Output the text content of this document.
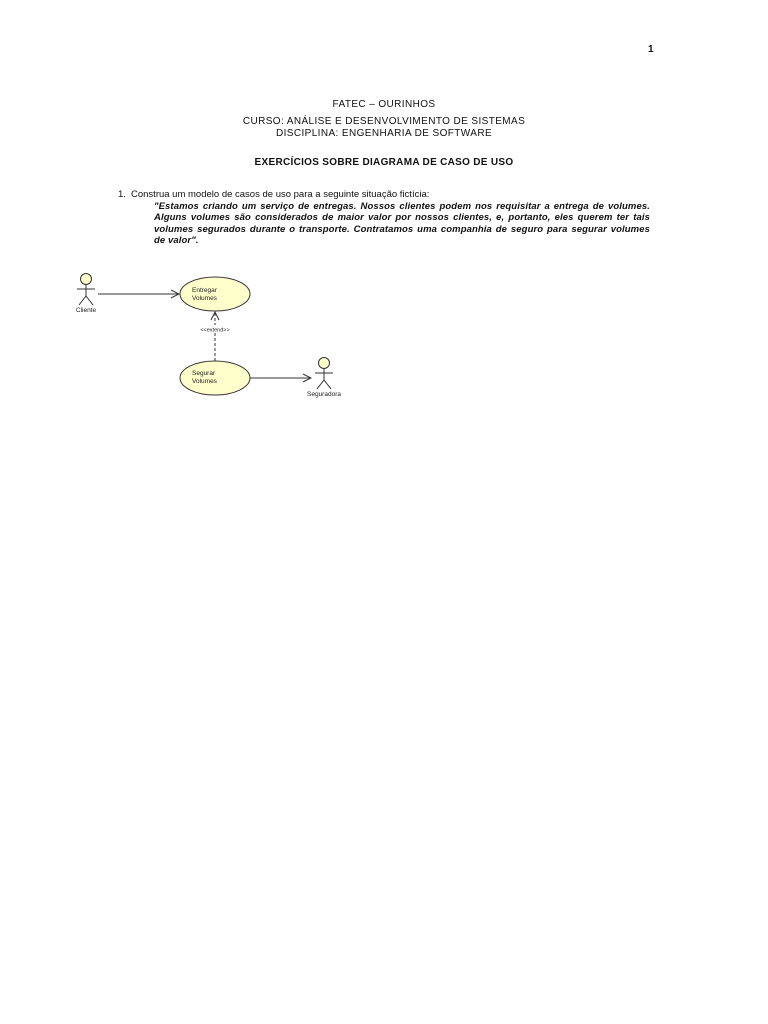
1
FATEC – OURINHOS
CURSO: ANÁLISE E DESENVOLVIMENTO DE SISTEMAS
DISCIPLINA: ENGENHARIA DE SOFTWARE
EXERCÍCIOS SOBRE DIAGRAMA DE CASO DE USO
1. Construa um modelo de casos de uso para a seguinte situação fictícia:
"Estamos criando um serviço de entregas. Nossos clientes podem nos requisitar a entrega de volumes. Alguns volumes são considerados de maior valor por nossos clientes, e, portanto, eles querem ter tais volumes segurados durante o transporte. Contratamos uma companhia de seguro para segurar volumes de valor".
Cliente
Entregar
Volumes
<<extend>>
Segurar
Volumes
Seguradora
